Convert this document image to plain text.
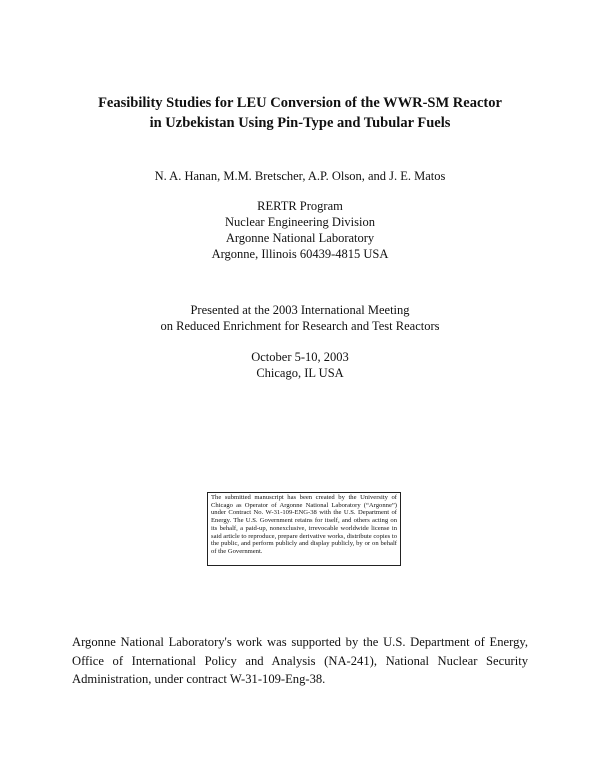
Feasibility Studies for LEU Conversion of the WWR-SM Reactor
in Uzbekistan Using Pin-Type and Tubular Fuels
N. A. Hanan, M.M. Bretscher, A.P. Olson, and J. E. Matos
RERTR Program
Nuclear Engineering Division
Argonne National Laboratory
Argonne, Illinois 60439-4815 USA
Presented at the 2003 International Meeting
on Reduced Enrichment for Research and Test Reactors
October 5-10, 2003
Chicago, IL USA
The submitted manuscript has been created by the University of Chicago as Operator of Argonne National Laboratory (“Argonne”) under Contract No. W-31-109-ENG-38 with the U.S. Department of Energy. The U.S. Government retains for itself, and others acting on its behalf, a paid-up, nonexclusive, irrevocable worldwide license in said article to reproduce, prepare derivative works, distribute copies to the public, and perform publicly and display publicly, by or on behalf of the Government.
Argonne National Laboratory's work was supported by the U.S. Department of Energy, Office of International Policy and Analysis (NA-241), National Nuclear Security Administration, under contract W-31-109-Eng-38.
